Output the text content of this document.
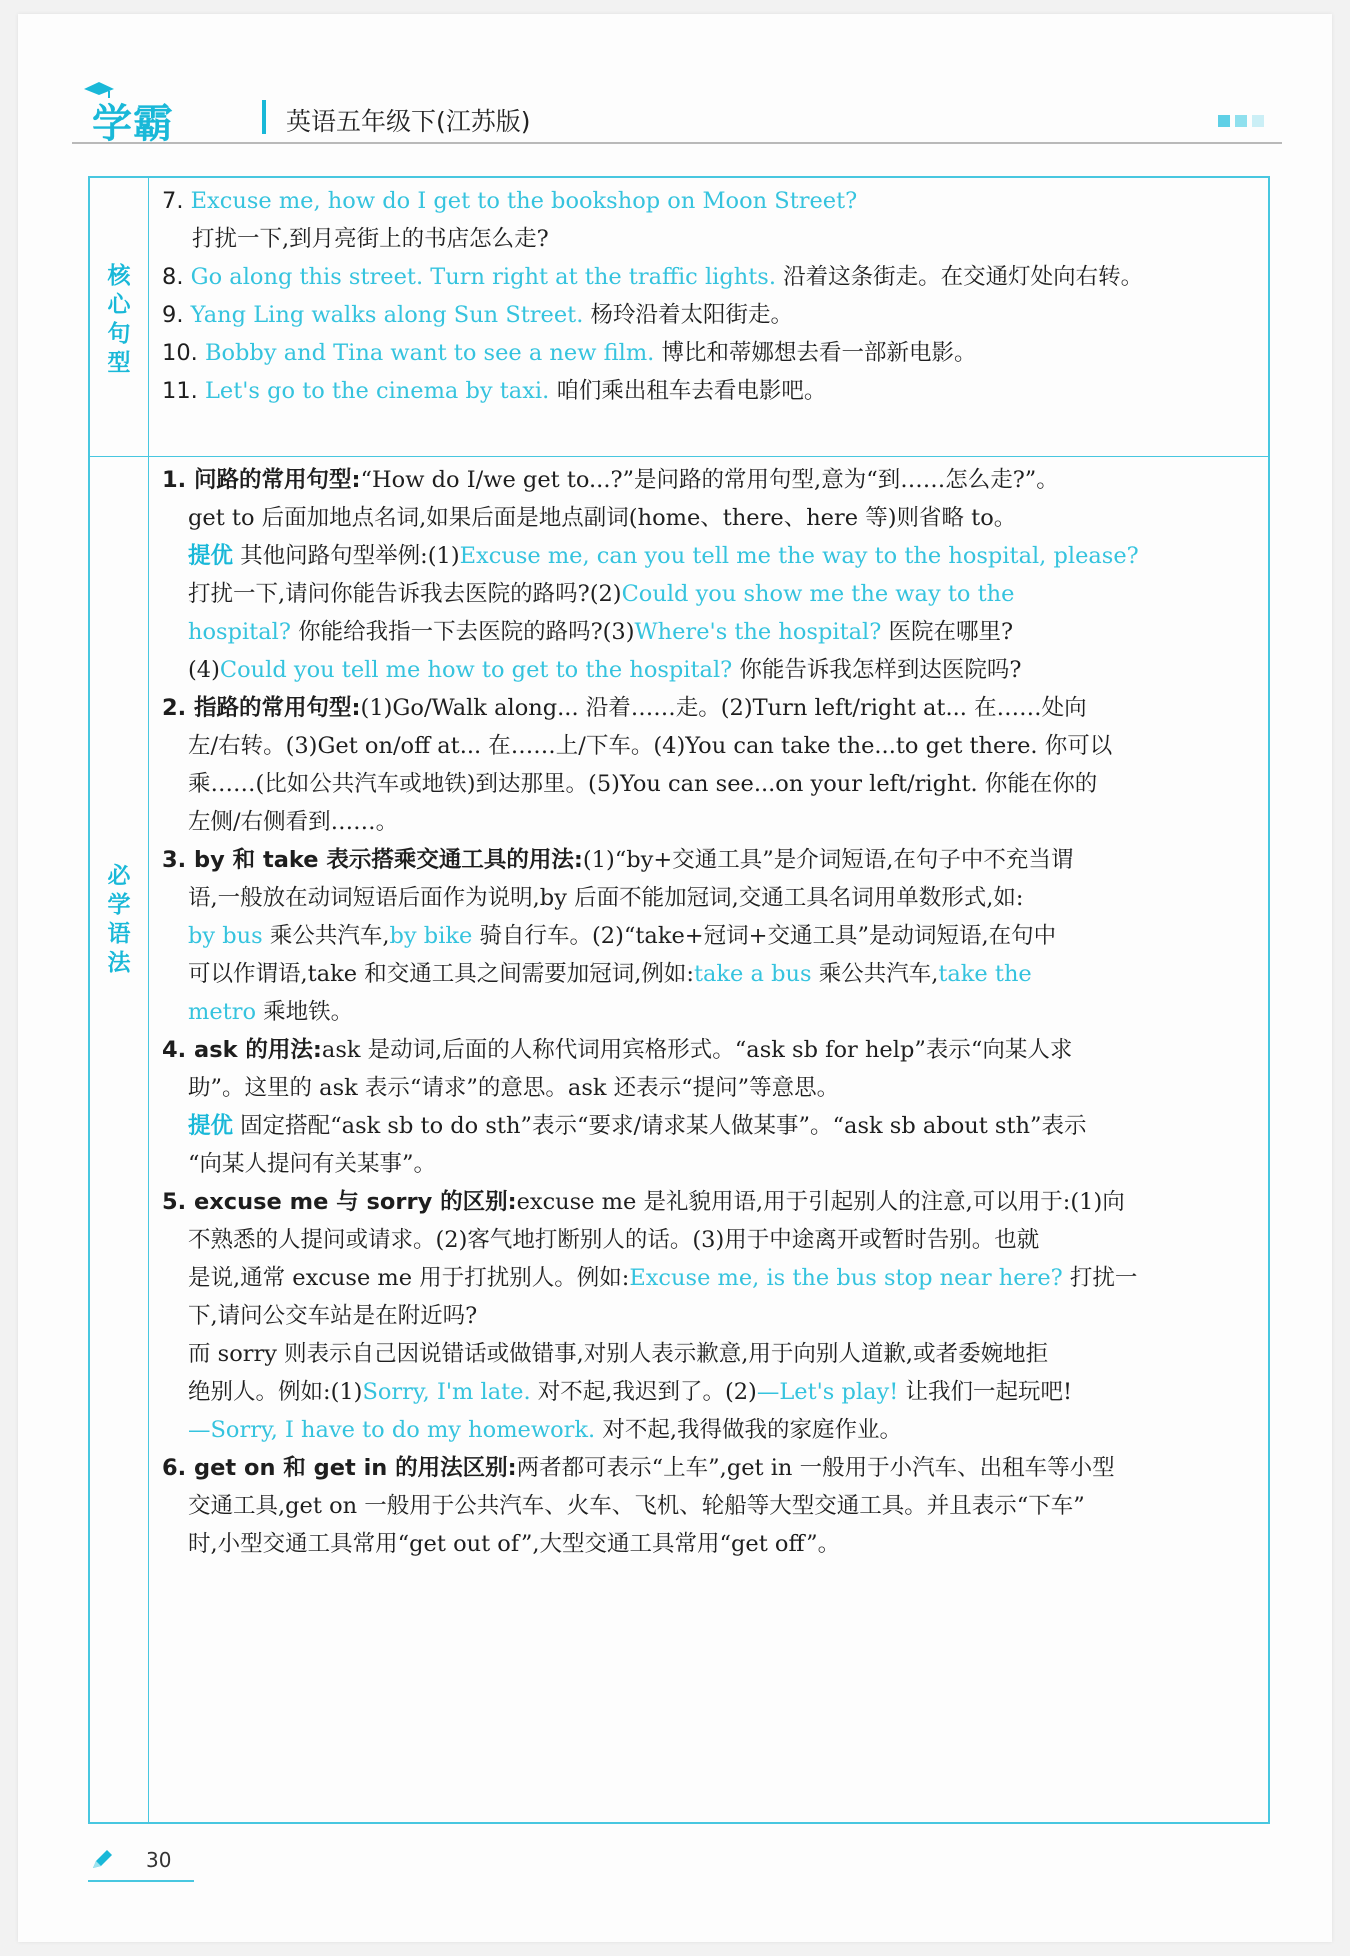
学霸	英语五年级下(江苏版)
核
心
句
型
必
学
语
法
7. Excuse me, how do I get to the bookshop on Moon Street?
打扰一下,到月亮街上的书店怎么走?
8. Go along this street. Turn right at the traffic lights. 沿着这条街走。在交通灯处向右转。
9. Yang Ling walks along Sun Street. 杨玲沿着太阳街走。
10. Bobby and Tina want to see a new film. 博比和蒂娜想去看一部新电影。
11. Let's go to the cinema by taxi. 咱们乘出租车去看电影吧。
1. 问路的常用句型:“How do I/we get to...?”是问路的常用句型,意为“到……怎么走?”。
get to 后面加地点名词,如果后面是地点副词(home、there、here 等)则省略 to。
提优 其他问路句型举例:(1)Excuse me, can you tell me the way to the hospital, please?
打扰一下,请问你能告诉我去医院的路吗?(2)Could you show me the way to the
hospital? 你能给我指一下去医院的路吗?(3)Where's the hospital? 医院在哪里?
(4)Could you tell me how to get to the hospital? 你能告诉我怎样到达医院吗?
2. 指路的常用句型:(1)Go/Walk along... 沿着……走。(2)Turn left/right at... 在……处向
左/右转。(3)Get on/off at... 在……上/下车。(4)You can take the...to get there. 你可以
乘……(比如公共汽车或地铁)到达那里。(5)You can see...on your left/right. 你能在你的
左侧/右侧看到……。
3. by 和 take 表示搭乘交通工具的用法:(1)“by+交通工具”是介词短语,在句子中不充当谓
语,一般放在动词短语后面作为说明,by 后面不能加冠词,交通工具名词用单数形式,如:
by bus 乘公共汽车,by bike 骑自行车。(2)“take+冠词+交通工具”是动词短语,在句中
可以作谓语,take 和交通工具之间需要加冠词,例如:take a bus 乘公共汽车,take the
metro 乘地铁。
4. ask 的用法:ask 是动词,后面的人称代词用宾格形式。“ask sb for help”表示“向某人求
助”。这里的 ask 表示“请求”的意思。ask 还表示“提问”等意思。
提优 固定搭配“ask sb to do sth”表示“要求/请求某人做某事”。“ask sb about sth”表示
“向某人提问有关某事”。
5. excuse me 与 sorry 的区别:excuse me 是礼貌用语,用于引起别人的注意,可以用于:(1)向
不熟悉的人提问或请求。(2)客气地打断别人的话。(3)用于中途离开或暂时告别。也就
是说,通常 excuse me 用于打扰别人。例如:Excuse me, is the bus stop near here? 打扰一
下,请问公交车站是在附近吗?
而 sorry 则表示自己因说错话或做错事,对别人表示歉意,用于向别人道歉,或者委婉地拒
绝别人。例如:(1)Sorry, I'm late. 对不起,我迟到了。(2)—Let's play! 让我们一起玩吧!
—Sorry, I have to do my homework. 对不起,我得做我的家庭作业。
6. get on 和 get in 的用法区别:两者都可表示“上车”,get in 一般用于小汽车、出租车等小型
交通工具,get on 一般用于公共汽车、火车、飞机、轮船等大型交通工具。并且表示“下车”
时,小型交通工具常用“get out of”,大型交通工具常用“get off”。
30
